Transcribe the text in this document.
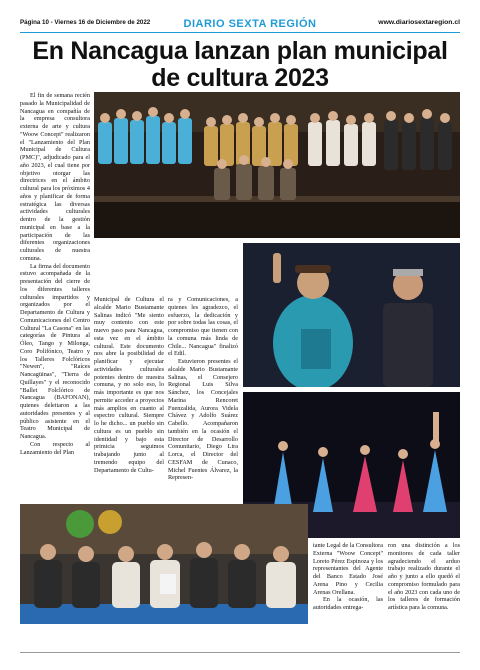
Página 10 - Viernes 16 de Diciembre de 2022	DIARIO SEXTA REGIÓN	www.diariosextaregion.cl
En Nancagua lanzan plan municipal
de cultura 2023

El fin de semana recién pasado la Municipalidad de Nancagua en compañía de la empresa consultora externa de arte y cultura "Woow Concept" realizaron el "Lanzamiento del Plan Municipal de Cultura (PMC)", adjudicado para el año 2023, el cual tiene por objetivo otorgar las directrices en el ámbito cultural para los próximos 4 años y planificar de forma estratégica las diversas actividades culturales dentro de la gestión municipal en base a la participación de las diferentes organizaciones culturales de nuestra comuna.

La firma del documento estuvo acompañada de la presentación del cierre de los diferentes talleres culturales impartidos y organizados por el Departamento de Cultura y Comunicaciones del Centro Cultural "La Casona" en las categorías de Pintura al Óleo, Tango y Milonga, Coro Polifónico, Teatro y los Talleres Folclóricos "Newen", "Raíces Nancagüinas", "Tierra de Quillayes" y el reconocido "Ballet Folclórico de Nancagua (BAFONAN), quienes deleitaron a las autoridades presentes y al público asistente en el Teatro Municipal de Nancagua.

Con respecto al Lanzamiento del Plan

Municipal de Cultura el alcalde Mario Bustamante Salinas indicó "Me siento muy contento con este nuevo paso para Nancagua, esta vez en el ámbito cultural. Este documento nos abre la posibilidad de planificar y ejecutar actividades culturales potentes dentro de nuestra comuna, y no solo eso, lo más importante es que nos permite acceder a proyectos más amplios en cuanto al espectro cultural. Siempre lo he dicho... un pueblo sin cultura es un pueblo sin identidad y bajo esta primicia seguimos trabajando junto al tremendo equipo del Departamento de Cultu-

ra y Comunicaciones, a quienes les agradezco, el esfuerzo, la dedicación y por sobre todas las cosas, el compromiso que tienen con la comuna más linda de Chile... Nancagua" finalizó el Edil.

Estuvieron presentes el alcalde Mario Bustamante Salinas, el Consejero Regional Luis Silva Sánchez, los Concejales Marina Rencoret Fuenzalida, Aurora Videla Chávez y Adolfo Suárez Cabello. Acompañaron también en la ocasión el Director de Desarrollo Comunitario, Diego Lira Lorca, el Director del CESFAM de Cunaco, Michel Fuentes Álvarez, la Represen-

tante Legal de la Consultora Externa "Woow Concept" Loreto Pérez Espinoza y los representantes del Agente del Banco Estado José Arena Pino y Cecilia Arenas Orellana.

En la ocasión, las autoridades entrega-

ron una distinción a los monitores de cada taller agradeciendo el arduo trabajo realizado durante el año y junto a ello quedó el compromiso formulado para el año 2023 con cada uno de los talleres de formación artística para la comuna.
